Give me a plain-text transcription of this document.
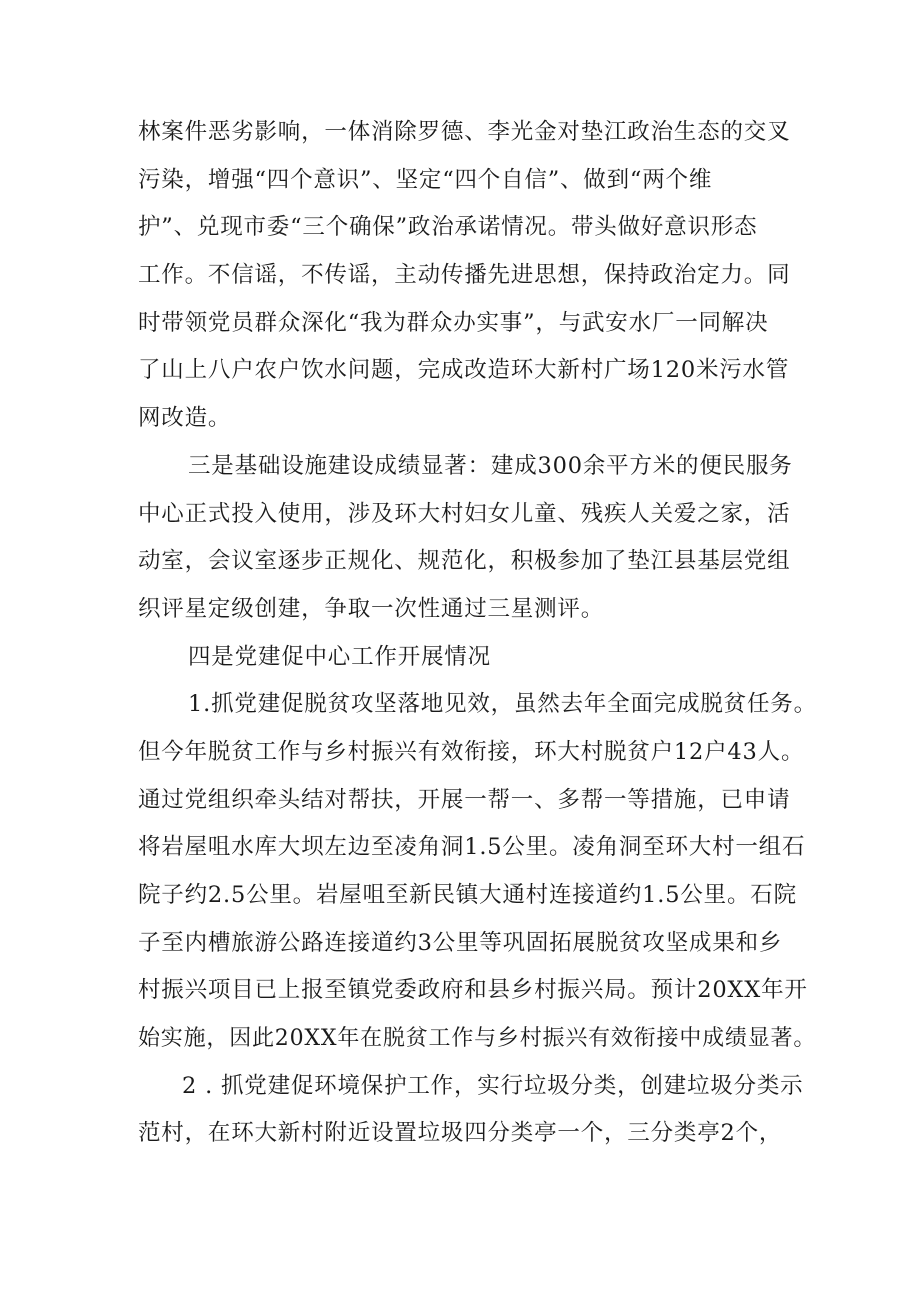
林案件恶劣影响，一体消除罗德、李光金对垫江政治生态的交叉
污染，增强“四个意识”、坚定“四个自信”、做到“两个维
护”、兑现市委“三个确保”政治承诺情况。带头做好意识形态
工作。不信谣，不传谣，主动传播先进思想，保持政治定力。同
时带领党员群众深化“我为群众办实事”，与武安水厂一同解决
了山上八户农户饮水问题，完成改造环大新村广场120米污水管
网改造。
三是基础设施建设成绩显著：建成300余平方米的便民服务
中心正式投入使用，涉及环大村妇女儿童、残疾人关爱之家，活
动室，会议室逐步正规化、规范化，积极参加了垫江县基层党组
织评星定级创建，争取一次性通过三星测评。
四是党建促中心工作开展情况
1.抓党建促脱贫攻坚落地见效，虽然去年全面完成脱贫任务。
但今年脱贫工作与乡村振兴有效衔接，环大村脱贫户12户43人。
通过党组织牵头结对帮扶，开展一帮一、多帮一等措施，已申请
将岩屋咀水库大坝左边至凌角洞1.5公里。凌角洞至环大村一组石
院子约2.5公里。岩屋咀至新民镇大通村连接道约1.5公里。石院
子至内槽旅游公路连接道约3公里等巩固拓展脱贫攻坚成果和乡
村振兴项目已上报至镇党委政府和县乡村振兴局。预计20XX年开
始实施，因此20XX年在脱贫工作与乡村振兴有效衔接中成绩显著。
2 . 抓党建促环境保护工作，实行垃圾分类，创建垃圾分类示
范村，在环大新村附近设置垃圾四分类亭一个，三分类亭2个，
